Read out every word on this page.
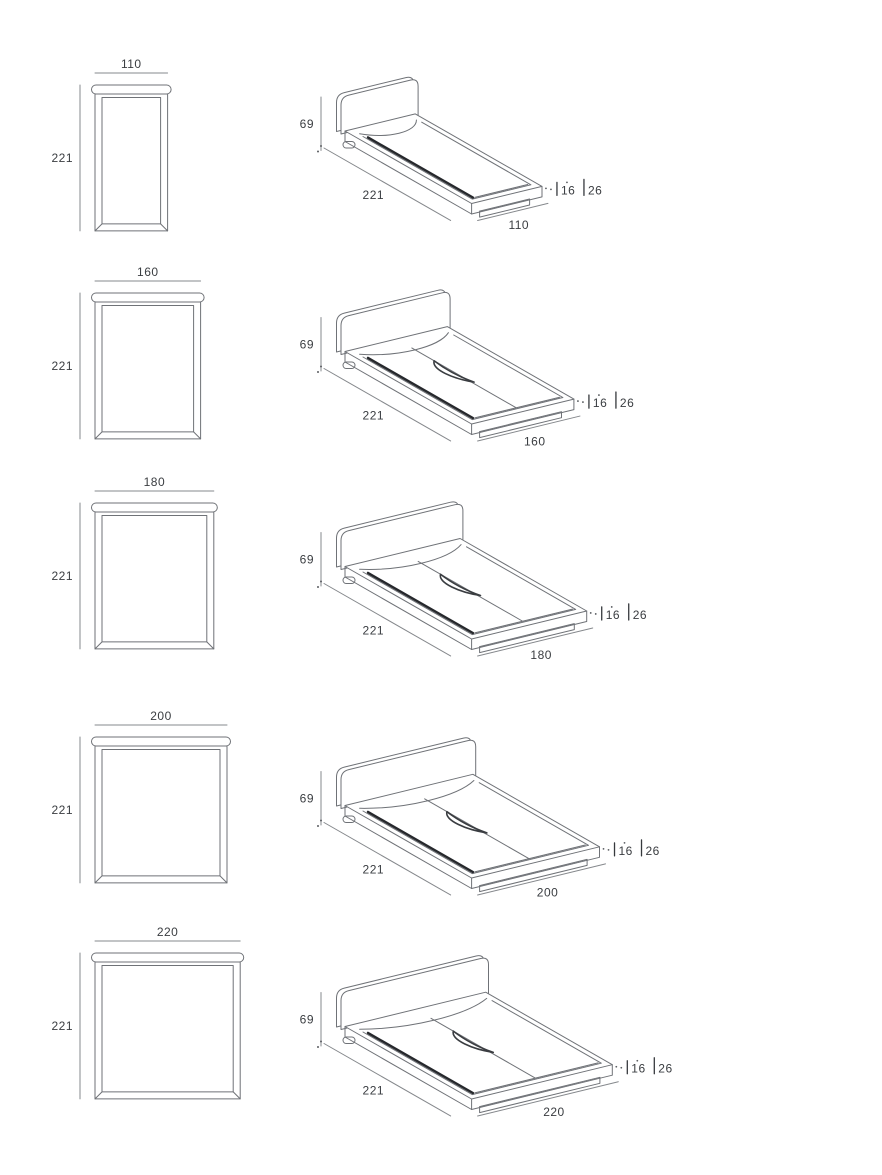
110
221
69
221
110
16 26
160
221
69
221
160
16 26
180
221
69
221
180
16 26
200
221
69
221
200
16 26
220
221	69
221
220
16 26
